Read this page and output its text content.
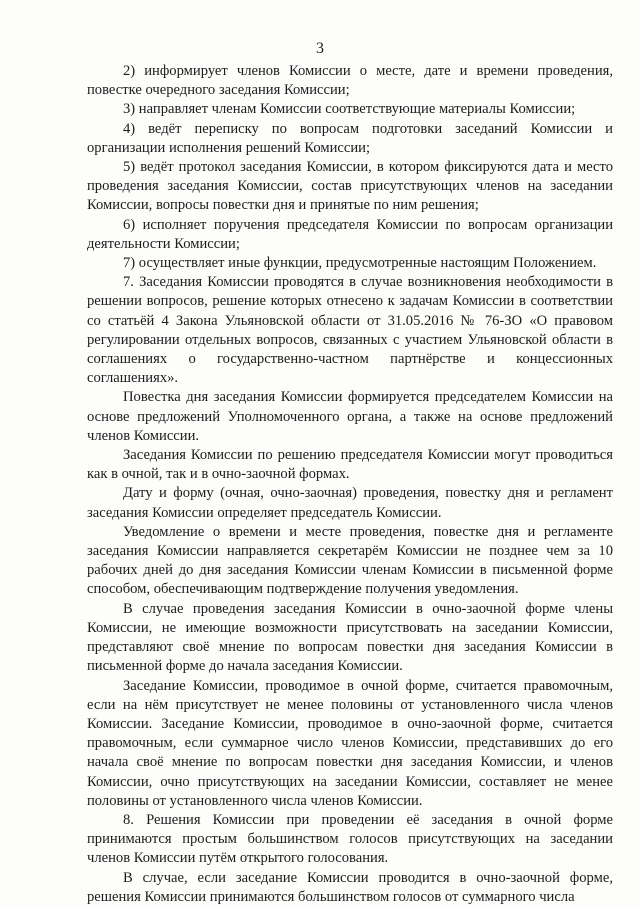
3

2) информирует членов Комиссии о месте, дате и времени проведения, повестке очередного заседания Комиссии;

3) направляет членам Комиссии соответствующие материалы Комиссии;

4) ведёт переписку по вопросам подготовки заседаний Комиссии и организации исполнения решений Комиссии;

5) ведёт протокол заседания Комиссии, в котором фиксируются дата и место проведения заседания Комиссии, состав присутствующих членов на заседании Комиссии, вопросы повестки дня и принятые по ним решения;

6) исполняет поручения председателя Комиссии по вопросам организации деятельности Комиссии;

7) осуществляет иные функции, предусмотренные настоящим Положением.

7. Заседания Комиссии проводятся в случае возникновения необходимости в решении вопросов, решение которых отнесено к задачам Комиссии в соответствии со статьёй 4 Закона Ульяновской области от 31.05.2016 № 76-ЗО «О правовом регулировании отдельных вопросов, связанных с участием Ульяновской области в соглашениях о государственно-частном партнёрстве и концессионных соглашениях».

Повестка дня заседания Комиссии формируется председателем Комиссии на основе предложений Уполномоченного органа, а также на основе предложений членов Комиссии.

Заседания Комиссии по решению председателя Комиссии могут проводиться как в очной, так и в очно-заочной формах.

Дату и форму (очная, очно-заочная) проведения, повестку дня и регламент заседания Комиссии определяет председатель Комиссии.

Уведомление о времени и месте проведения, повестке дня и регламенте заседания Комиссии направляется секретарём Комиссии не позднее чем за 10 рабочих дней до дня заседания Комиссии членам Комиссии в письменной форме способом, обеспечивающим подтверждение получения уведомления.

В случае проведения заседания Комиссии в очно-заочной форме члены Комиссии, не имеющие возможности присутствовать на заседании Комиссии, представляют своё мнение по вопросам повестки дня заседания Комиссии в письменной форме до начала заседания Комиссии.

Заседание Комиссии, проводимое в очной форме, считается правомочным, если на нём присутствует не менее половины от установленного числа членов Комиссии. Заседание Комиссии, проводимое в очно-заочной форме, считается правомочным, если суммарное число членов Комиссии, представивших до его начала своё мнение по вопросам повестки дня заседания Комиссии, и членов Комиссии, очно присутствующих на заседании Комиссии, составляет не менее половины от установленного числа членов Комиссии.

8. Решения Комиссии при проведении её заседания в очной форме принимаются простым большинством голосов присутствующих на заседании членов Комиссии путём открытого голосования.

В случае, если заседание Комиссии проводится в очно-заочной форме, решения Комиссии принимаются большинством голосов от суммарного числа
